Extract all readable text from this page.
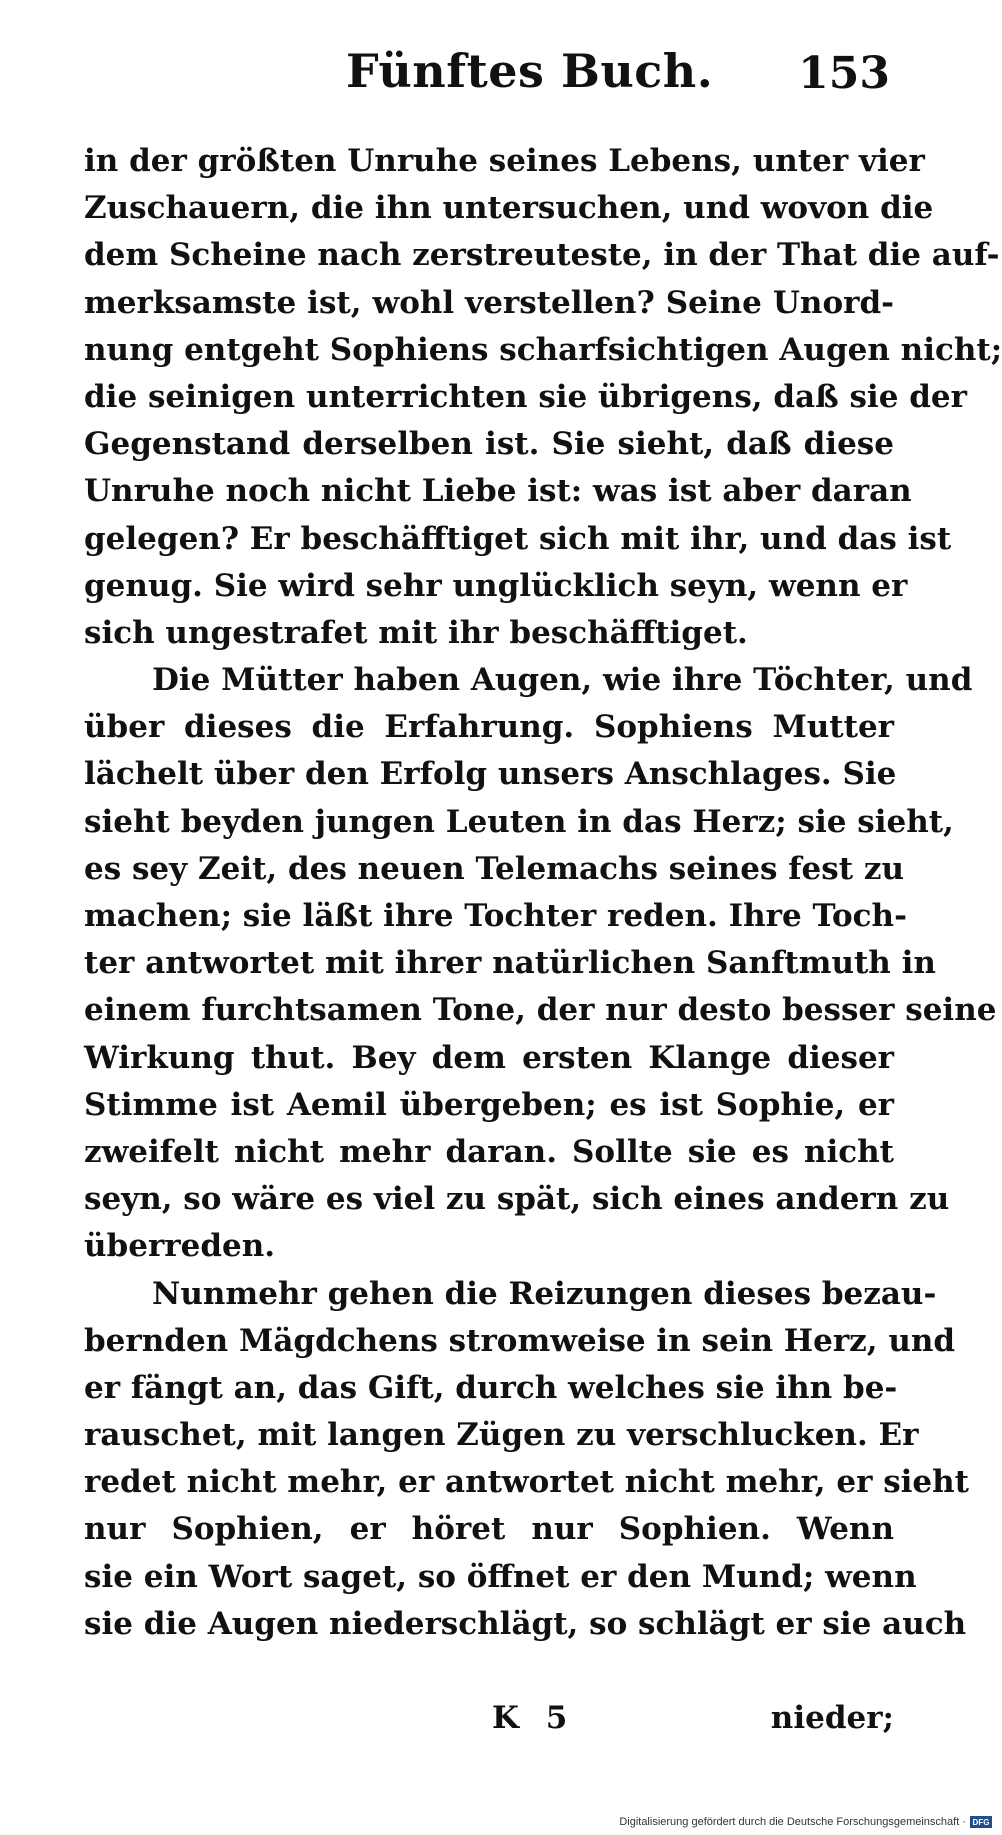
Fünftes Buch. 153
in der größten Unruhe seines Lebens, unter vier
Zuschauern, die ihn untersuchen, und wovon die
dem Scheine nach zerstreuteste, in der That die auf-
merksamste ist, wohl verstellen? Seine Unord-
nung entgeht Sophiens scharfsichtigen Augen nicht;
die seinigen unterrichten sie übrigens, daß sie der
Gegenstand derselben ist. Sie sieht, daß diese
Unruhe noch nicht Liebe ist: was ist aber daran
gelegen? Er beschäfftiget sich mit ihr, und das ist
genug. Sie wird sehr unglücklich seyn, wenn er
sich ungestrafet mit ihr beschäfftiget.
Die Mütter haben Augen, wie ihre Töchter, und
über dieses die Erfahrung. Sophiens Mutter
lächelt über den Erfolg unsers Anschlages. Sie
sieht beyden jungen Leuten in das Herz; sie sieht,
es sey Zeit, des neuen Telemachs seines fest zu
machen; sie läßt ihre Tochter reden. Ihre Toch-
ter antwortet mit ihrer natürlichen Sanftmuth in
einem furchtsamen Tone, der nur desto besser seine
Wirkung thut. Bey dem ersten Klange dieser
Stimme ist Aemil übergeben; es ist Sophie, er
zweifelt nicht mehr daran. Sollte sie es nicht
seyn, so wäre es viel zu spät, sich eines andern zu
überreden.
Nunmehr gehen die Reizungen dieses bezau-
bernden Mägdchens stromweise in sein Herz, und
er fängt an, das Gift, durch welches sie ihn be-
rauschet, mit langen Zügen zu verschlucken. Er
redet nicht mehr, er antwortet nicht mehr, er sieht
nur Sophien, er höret nur Sophien. Wenn
sie ein Wort saget, so öffnet er den Mund; wenn
sie die Augen niederschlägt, so schlägt er sie auch
K 5	nieder;
Digitalisierung gefördert durch die Deutsche Forschungsgemeinschaft · DFG
